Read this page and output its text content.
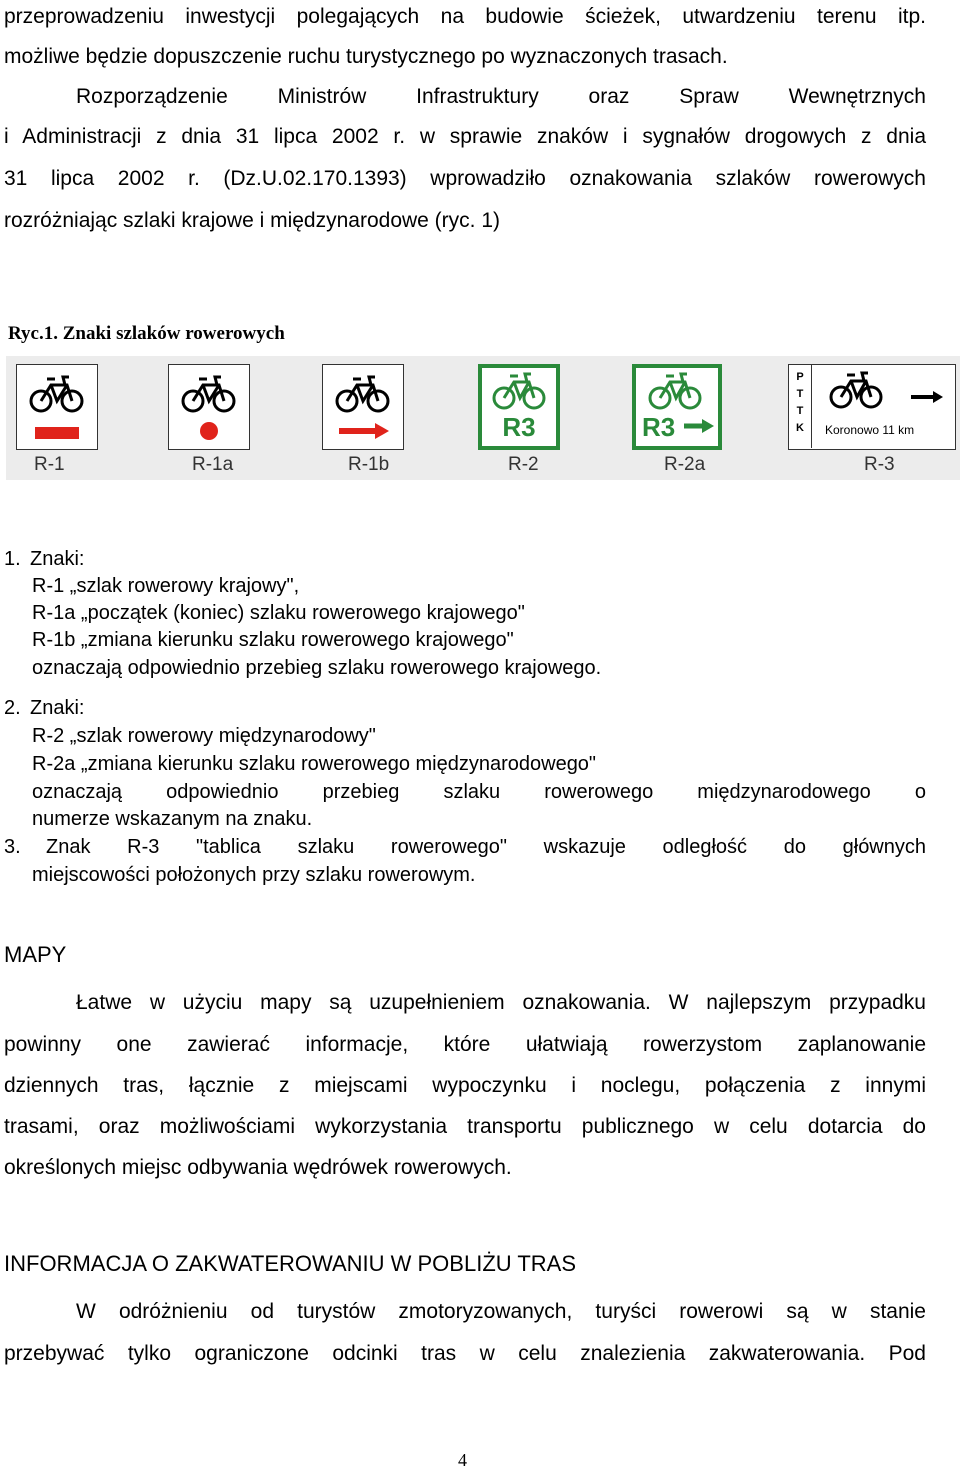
przeprowadzeniu inwestycji polegających na budowie ścieżek, utwardzeniu terenu itp.
możliwe będzie dopuszczenie ruchu turystycznego po wyznaczonych trasach.
Rozporządzenie Ministrów Infrastruktury oraz Spraw Wewnętrznych
i Administracji z dnia 31 lipca 2002 r. w sprawie znaków i sygnałów drogowych z dnia
31 lipca 2002 r. (Dz.U.02.170.1393) wprowadziło oznakowania szlaków rowerowych
rozróżniając szlaki krajowe i międzynarodowe (ryc. 1)
Ryc.1. Znaki szlaków rowerowych
R-1	R-1a	R-1b
R3
R-2
R3
R-2a
PTTK Koronowo 11 km
R-3
1. Znaki:
R-1 „szlak rowerowy krajowy",
R-1a „początek (koniec) szlaku rowerowego krajowego"
R-1b „zmiana kierunku szlaku rowerowego krajowego"
oznaczają odpowiednio przebieg szlaku rowerowego krajowego.
2. Znaki:
R-2 „szlak rowerowy międzynarodowy"
R-2a „zmiana kierunku szlaku rowerowego międzynarodowego"
oznaczają odpowiednio przebieg szlaku rowerowego międzynarodowego o
numerze wskazanym na znaku.
3. Znak R-3 "tablica szlaku rowerowego" wskazuje odległość do głównych
miejscowości położonych przy szlaku rowerowym.
MAPY
Łatwe w użyciu mapy są uzupełnieniem oznakowania. W najlepszym przypadku
powinny one zawierać informacje, które ułatwiają rowerzystom zaplanowanie
dziennych tras, łącznie z miejscami wypoczynku i noclegu, połączenia z innymi
trasami, oraz możliwościami wykorzystania transportu publicznego w celu dotarcia do
określonych miejsc odbywania wędrówek rowerowych.
INFORMACJA O ZAKWATEROWANIU W POBLIŻU TRAS
W odróżnieniu od turystów zmotoryzowanych, turyści rowerowi są w stanie
przebywać tylko ograniczone odcinki tras w celu znalezienia zakwaterowania. Pod
4
